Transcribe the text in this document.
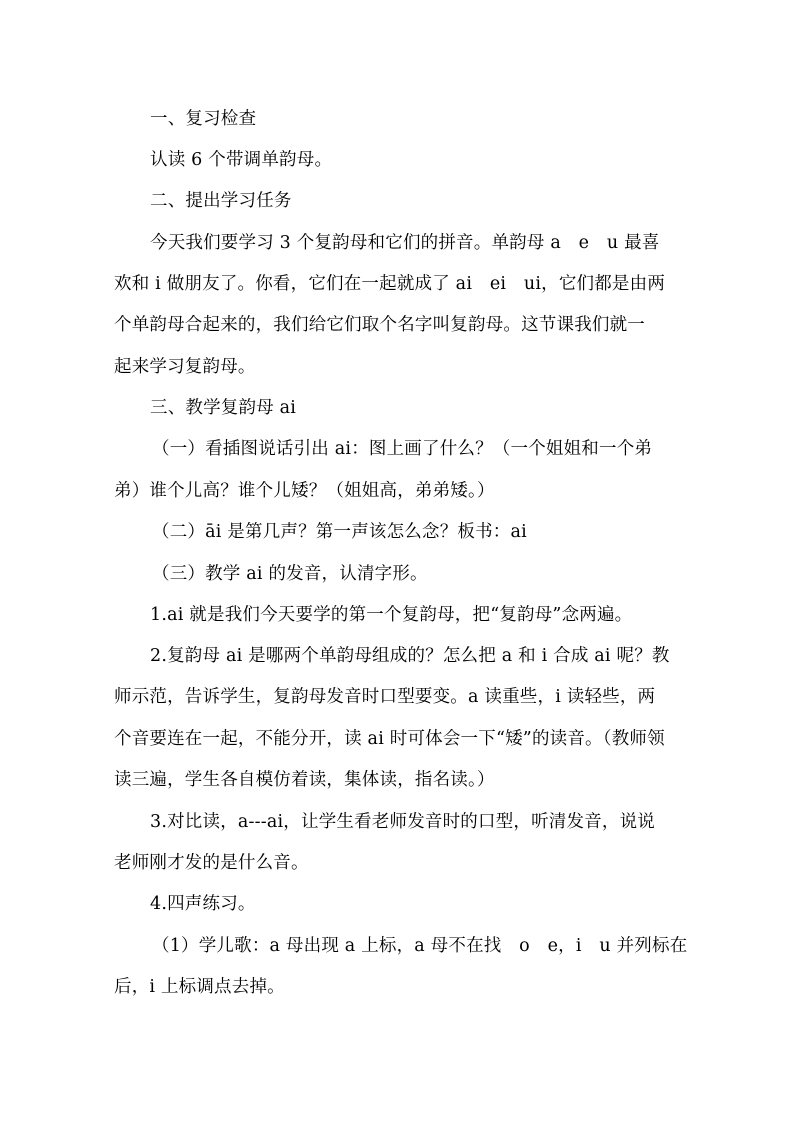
一、复习检查
认读 6 个带调单韵母。
二、提出学习任务
今天我们要学习 3 个复韵母和它们的拼音。单韵母 a　e　u 最喜
欢和 i 做朋友了。你看，它们在一起就成了 ai　ei　ui，它们都是由两
个单韵母合起来的，我们给它们取个名字叫复韵母。这节课我们就一
起来学习复韵母。
三、教学复韵母 ai
（一）看插图说话引出 ai：图上画了什么？（一个姐姐和一个弟
弟）谁个儿高？谁个儿矮？（姐姐高，弟弟矮。）
（二）āi 是第几声？第一声该怎么念？板书：ai
（三）教学 ai 的发音，认清字形。
1.ai 就是我们今天要学的第一个复韵母，把“复韵母”念两遍。
2.复韵母 ai 是哪两个单韵母组成的？怎么把 a 和 i 合成 ai 呢？教
师示范，告诉学生，复韵母发音时口型要变。a 读重些，i 读轻些，两
个音要连在一起，不能分开，读 ai 时可体会一下“矮”的读音。（教师领
读三遍，学生各自模仿着读，集体读，指名读。）
3.对比读，a---ai，让学生看老师发音时的口型，听清发音，说说
老师刚才发的是什么音。
4.四声练习。
（1）学儿歌：a 母出现 a 上标，a 母不在找　o　e，i　u 并列标在
后，i 上标调点去掉。
